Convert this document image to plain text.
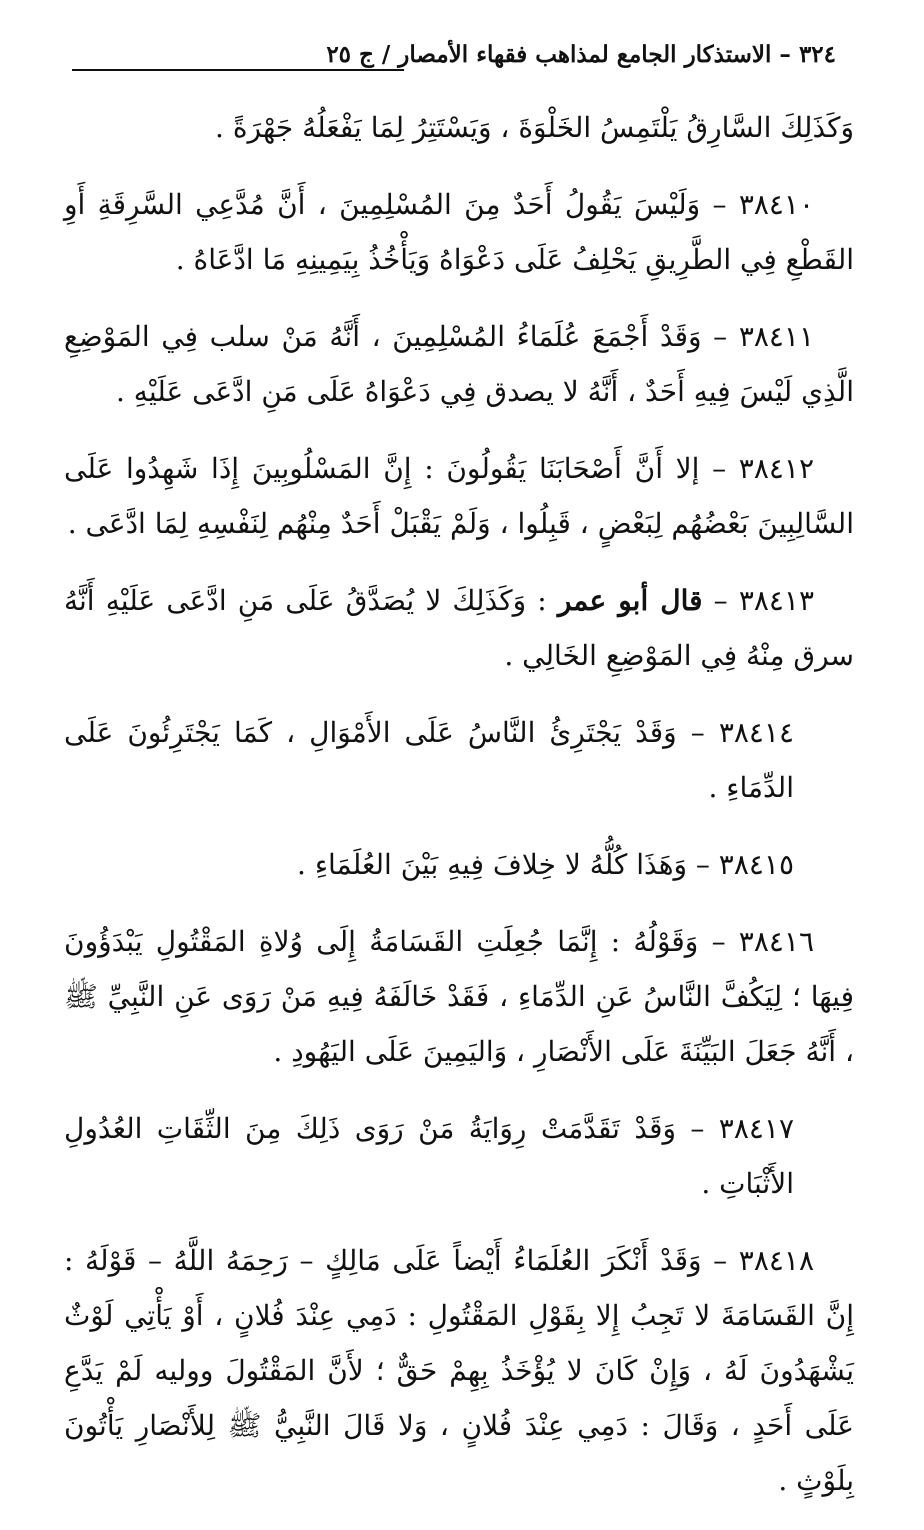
٣٢٤ – الاستذكار الجامع لمذاهب فقهاء الأمصار / ج ٢٥

وَكَذَلِكَ السَّارِقُ يَلْتَمِسُ الخَلْوَةَ ، وَيَسْتَتِرُ لِمَا يَفْعَلُهُ جَهْرَةً .

٣٨٤١٠ – وَلَيْسَ يَقُولُ أَحَدٌ مِنَ المُسْلِمِينَ ، أَنَّ مُدَّعِي السَّرِقَةِ أَوِ القَطْعِ فِي الطَّرِيقِ يَحْلِفُ عَلَى دَعْوَاهُ وَيَأْخُذُ بِيَمِينِهِ مَا ادَّعَاهُ .

٣٨٤١١ – وَقَدْ أَجْمَعَ عُلَمَاءُ المُسْلِمِينَ ، أَنَّهُ مَنْ سلب فِي المَوْضِعِ الَّذِي لَيْسَ فِيهِ أَحَدٌ ، أَنَّهُ لا يصدق فِي دَعْوَاهُ عَلَى مَنِ ادَّعَى عَلَيْهِ .

٣٨٤١٢ – إلا أَنَّ أَصْحَابَنَا يَقُولُونَ : إِنَّ المَسْلُوبِينَ إِذَا شَهِدُوا عَلَى السَّالِبِينَ بَعْضُهُم لِبَعْضٍ ، قَبِلُوا ، وَلَمْ يَقْبَلْ أَحَدٌ مِنْهُم لِنَفْسِهِ لِمَا ادَّعَى .

٣٨٤١٣ – قال أبو عمر : وَكَذَلِكَ لا يُصَدَّقُ عَلَى مَنِ ادَّعَى عَلَيْهِ أَنَّهُ سرق مِنْهُ فِي المَوْضِعِ الخَالِي .

٣٨٤١٤ – وَقَدْ يَجْتَرِئُ النَّاسُ عَلَى الأَمْوَالِ ، كَمَا يَجْتَرِئُونَ عَلَى الدِّمَاءِ .

٣٨٤١٥ – وَهَذَا كُلُّهُ لا خِلافَ فِيهِ بَيْنَ العُلَمَاءِ .

٣٨٤١٦ – وَقَوْلُهُ : إِنَّمَا جُعِلَتِ القَسَامَةُ إِلَى وُلاةِ المَقْتُولِ يَبْدَؤُونَ فِيهَا ؛ لِيَكُفَّ النَّاسُ عَنِ الدِّمَاءِ ، فَقَدْ خَالَفَهُ فِيهِ مَنْ رَوَى عَنِ النَّبِيِّ ﷺ ، أَنَّهُ جَعَلَ البَيِّنَةَ عَلَى الأَنْصَارِ ، وَاليَمِينَ عَلَى اليَهُودِ .

٣٨٤١٧ – وَقَدْ تَقَدَّمَتْ رِوَايَةُ مَنْ رَوَى ذَلِكَ مِنَ الثِّقَاتِ العُدُولِ الأَثْبَاتِ .

٣٨٤١٨ – وَقَدْ أَنْكَرَ العُلَمَاءُ أَيْضاً عَلَى مَالِكٍ – رَحِمَهُ اللَّهُ – قَوْلَهُ : إِنَّ القَسَامَةَ لا تَجِبُ إِلا بِقَوْلِ المَقْتُولِ : دَمِي عِنْدَ فُلانٍ ، أَوْ يَأْتِي لَوْثٌ يَشْهَدُونَ لَهُ ، وَإِنْ كَانَ لا يُؤْخَذُ بِهِمْ حَقٌّ ؛ لأَنَّ المَقْتُولَ ووليه لَمْ يَدَّعِ عَلَى أَحَدٍ ، وَقَالَ : دَمِي عِنْدَ فُلانٍ ، وَلا قَالَ النَّبِيُّ ﷺ لِلأَنْصَارِ يَأْتُونَ بِلَوْثٍ .
